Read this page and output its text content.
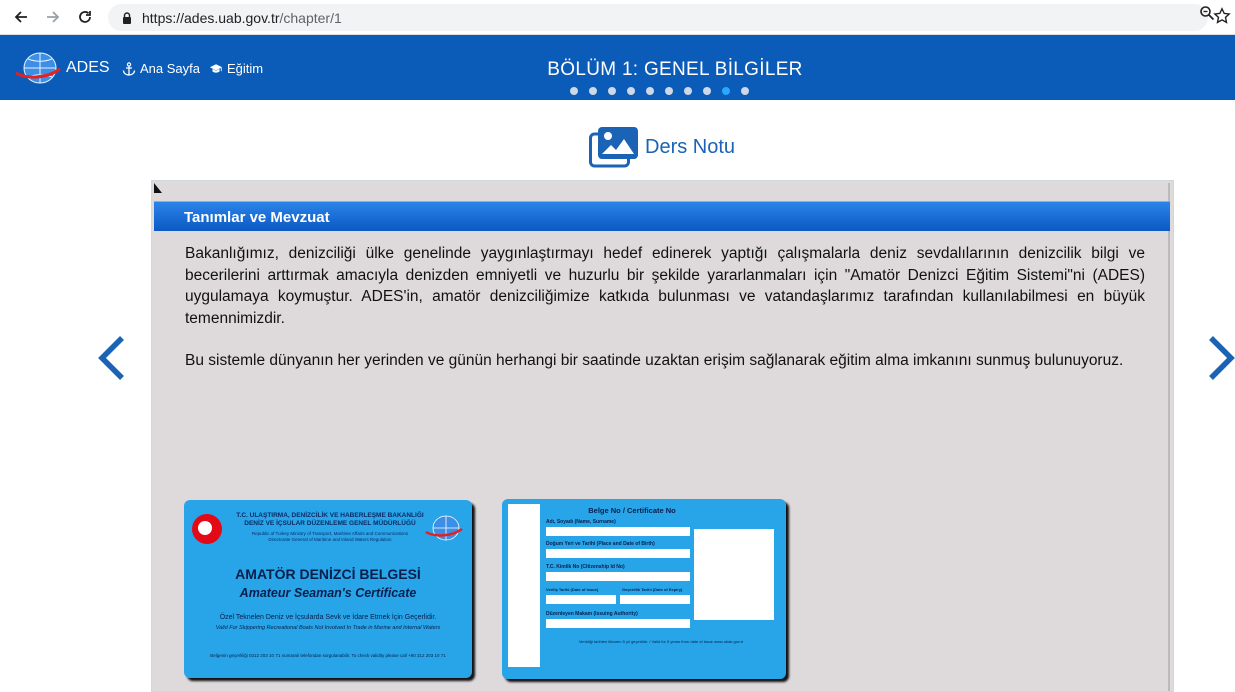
https://ades.uab.gov.tr/chapter/1
ADES Ana Sayfa Eğitim	BÖLÜM 1: GENEL BİLGİLER
Ders Notu
Tanımlar ve Mevzuat

Bakanlığımız, denizciliği ülke genelinde yaygınlaştırmayı hedef edinerek yaptığı çalışmalarla deniz sevdalılarının denizcilik bilgi ve becerilerini arttırmak amacıyla denizden emniyetli ve huzurlu bir şekilde yararlanmaları için "Amatör Denizci Eğitim Sistemi"ni (ADES) uygulamaya koymuştur. ADES'in, amatör denizciliğimize katkıda bulunması ve vatandaşlarımız tarafından kullanılabilmesi en büyük temennimizdir.

Bu sistemle dünyanın her yerinden ve günün herhangi bir saatinde uzaktan erişim sağlanarak eğitim alma imkanını sunmuş bulunuyoruz.

T.C. ULAŞTIRMA, DENİZCİLİK VE HABERLEŞME BAKANLIĞI
DENİZ VE İÇSULAR DÜZENLEME GENEL MÜDÜRLÜĞÜ
Republic of Turkey Ministry of Transport, Maritime Affairs and Communications
Directorate General of Maritime and Inland Waters Regulation
AMATÖR DENİZCİ BELGESİ
Amateur Seaman's Certificate
Özel Teknelen Deniz ve İçsularda Sevk ve İdare Etmek İçin Geçerlidir.
Valid For Skippering Recreational Boats Not Involved In Trade in Marine and Internal Waters
Belgenin geçerliliği 0312 203 10 71 numaralı telefondan sorgulanabilir. To check validity please call +90 312 203 10 71
Belge No / Certificate No
Adı, Soyadı (Name, Surname)
Doğum Yeri ve Tarihi (Place and Date of Birth)
T.C. Kimlik No (Citizenship Id No)
Veriliş Tarihi (Date of Issue)	Geçerlilik Tarihi (Date of Expiry)
Düzenleyen Makam (Issuing Authority)
Verildiği tarihten itibaren 5 yıl geçerlidir. / Valid for 5 years from date of issue www.ubak.gov.tr
